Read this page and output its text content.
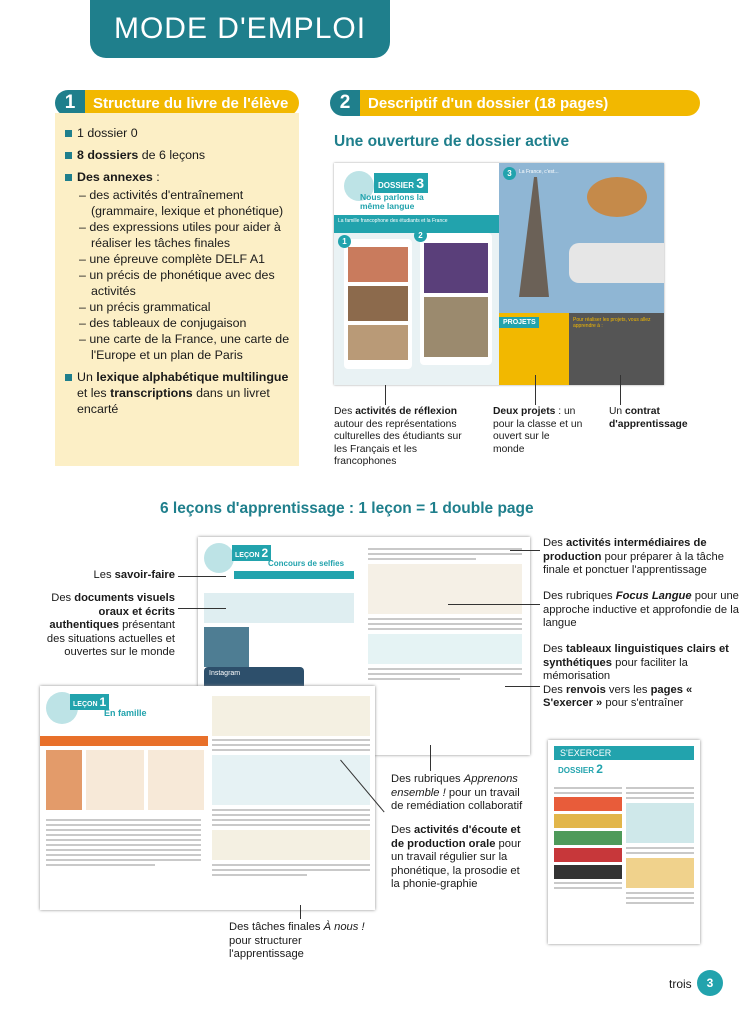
MODE D'EMPLOI
1	Structure du livre de l'élève
1 dossier 0
8 dossiers de 6 leçons
Des annexes :
– des activités d'entraînement (grammaire, lexique et phonétique)
– des expressions utiles pour aider à réaliser les tâches finales
– une épreuve complète DELF A1
– un précis de phonétique avec des activités
– un précis grammatical
– des tableaux de conjugaison
– une carte de la France, une carte de l'Europe et un plan de Paris
Un lexique alphabétique multilingue et les transcriptions dans un livret encarté
2	Descriptif d'un dossier (18 pages)
Une ouverture de dossier active
DOSSIER 3
Nous parlons la même langue
La famille francophone des étudiants et la France
1
2
3	La France, c'est...
PROJETS	Pour réaliser les projets, vous allez apprendre à :
Des activités de réflexion autour des représentations culturelles des étudiants sur les Français et les francophones
Deux projets : un pour la classe et un ouvert sur le monde
Un contrat d'apprentissage
6 leçons d'apprentissage : 1 leçon = 1 double page
LEÇON 2
Concours de selfies
Instagram
LEÇON 1
En famille
S'EXERCER
DOSSIER 2
Les savoir-faire
Des documents visuels oraux et écrits authentiques présentant des situations actuelles et ouvertes sur le monde
Des activités intermédiaires de production pour préparer à la tâche finale et ponctuer l'apprentissage
Des rubriques Focus Langue pour une approche inductive et approfondie de la langue
Des tableaux linguistiques clairs et synthétiques pour faciliter la mémorisation
Des renvois vers les pages « S'exercer » pour s'entraîner
Des rubriques Apprenons ensemble ! pour un travail de remédiation collaboratif
Des activités d'écoute et de production orale pour un travail régulier sur la phonétique, la prosodie et la phonie-graphie
Des tâches finales À nous !
pour structurer l'apprentissage
trois	3
